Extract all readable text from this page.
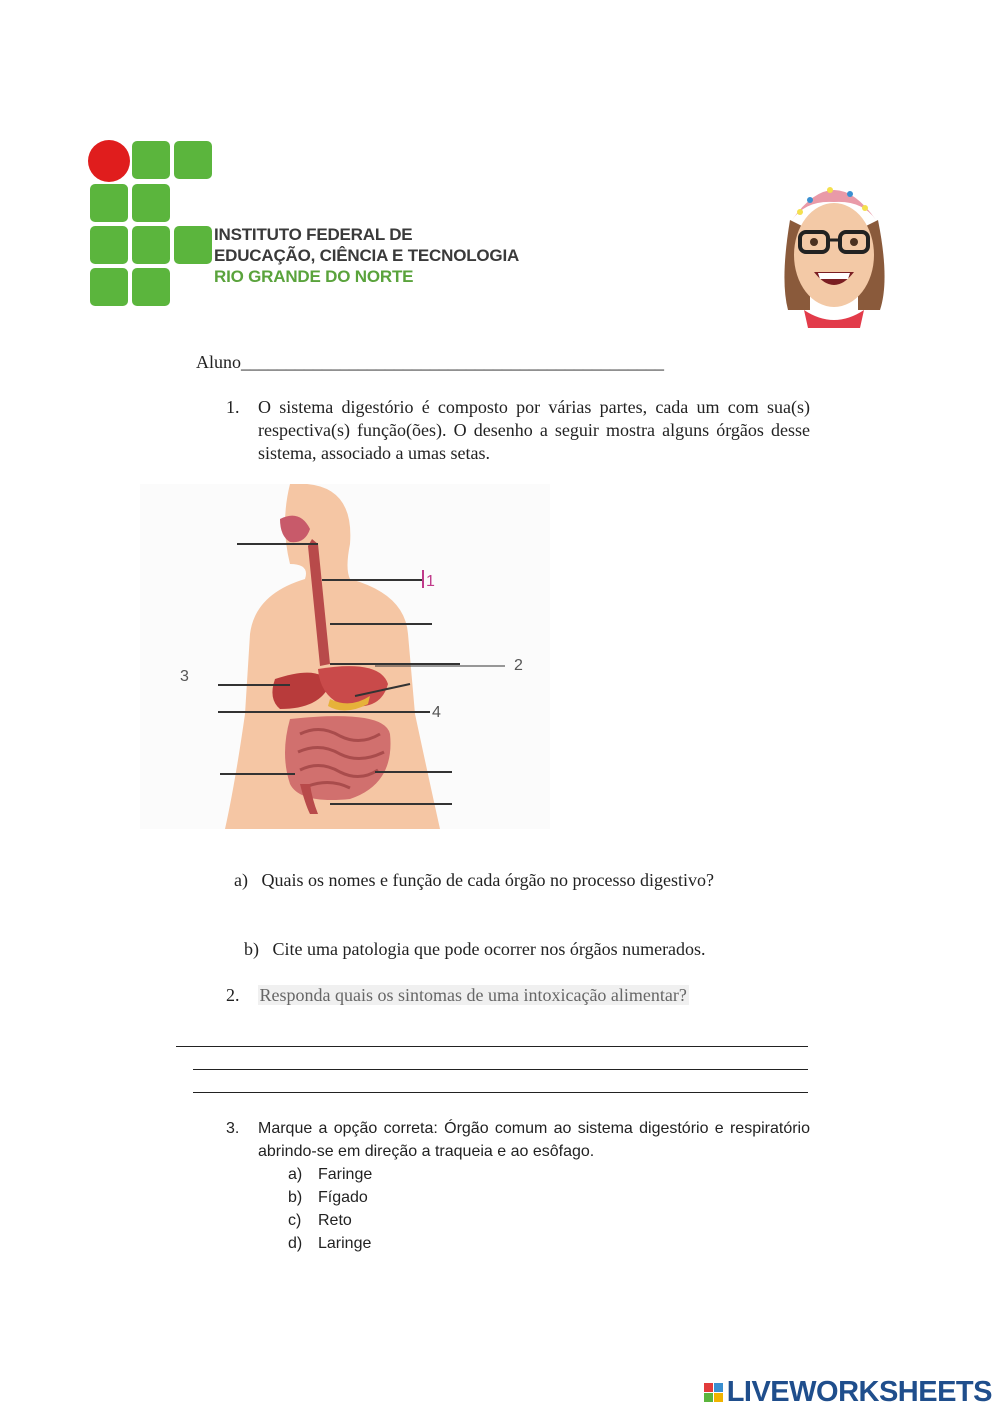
INSTITUTO FEDERAL DE
EDUCAÇÃO, CIÊNCIA E TECNOLOGIA
RIO GRANDE DO NORTE
Aluno_______________________________________________
1. O sistema digestório é composto por várias partes, cada um com sua(s) respectiva(s) função(ões). O desenho a seguir mostra alguns órgãos desse sistema, associado a umas setas.
1
2
3
4
a) Quais os nomes e função de cada órgão no processo digestivo?
b) Cite uma patologia que pode ocorrer nos órgãos numerados.
2. Responda quais os sintomas de uma intoxicação alimentar?
3. Marque a opção correta: Órgão comum ao sistema digestório e respiratório abrindo-se em direção a traqueia e ao esôfago.
a) Faringe
b) Fígado
c)	Reto
d) Laringe
LIVEWORKSHEETS
